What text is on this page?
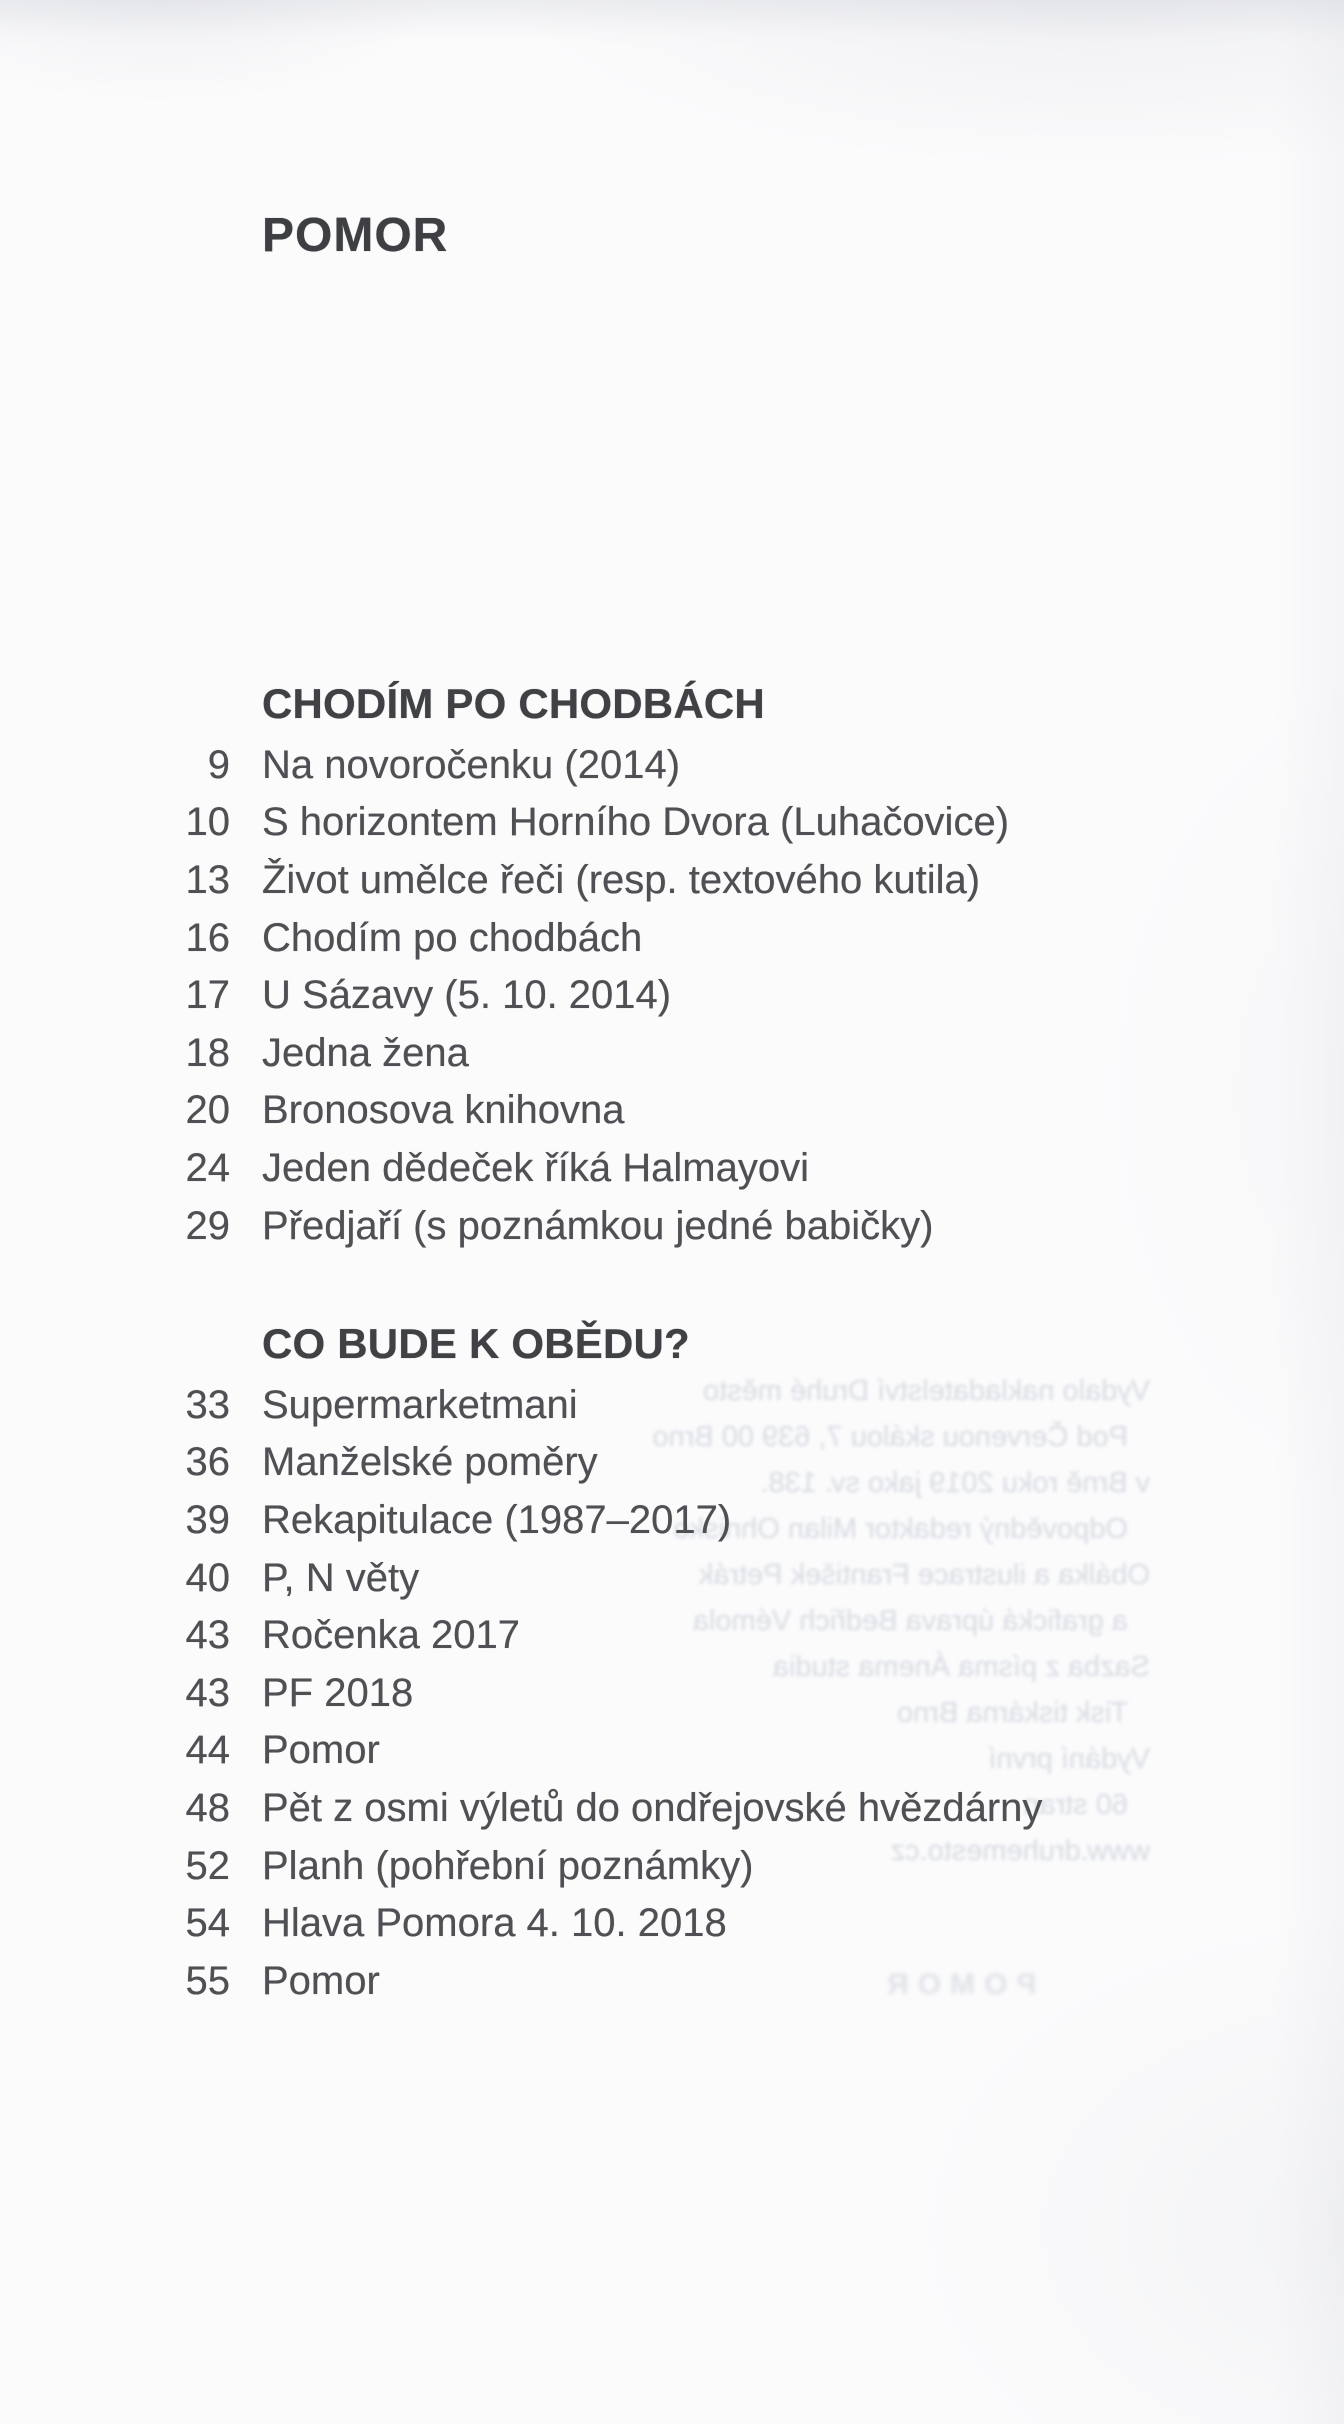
POMOR
Vydalo nakladatelství Druhé město
Pod Červenou skálou 7, 639 00 Brno
v Brně roku 2019 jako sv. 138.
Odpovědný redaktor Milan Ohnisko
Obálka a ilustrace František Petrák
a grafická úprava Bedřich Vémola
Sazba z písma Ánema studia
Tisk tiskárna Brno
Vydání první
60 stran
www.druhemesto.cz
POMOR
CHODÍM PO CHODBÁCH
9 Na novoročenku (2014)
10 S horizontem Horního Dvora (Luhačovice)
13 Život umělce řeči (resp. textového kutila)
16 Chodím po chodbách
17 U Sázavy (5. 10. 2014)
18 Jedna žena
20 Bronosova knihovna
24 Jeden dědeček říká Halmayovi
29 Předjaří (s poznámkou jedné babičky)
CO BUDE K OBĚDU?
33 Supermarketmani
36 Manželské poměry
39 Rekapitulace (1987–2017)
40 P, N věty
43 Ročenka 2017
43 PF 2018
44 Pomor
48 Pět z osmi výletů do ondřejovské hvězdárny
52 Planh (pohřební poznámky)
54 Hlava Pomora 4. 10. 2018
55 Pomor
